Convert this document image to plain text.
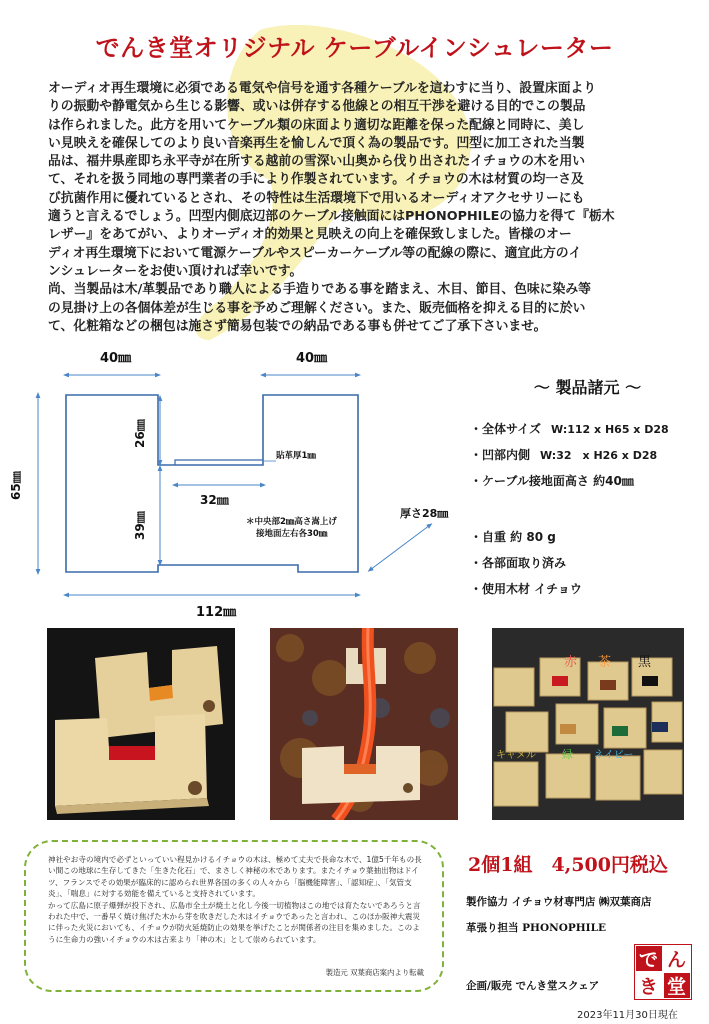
でんき堂オリジナル ケーブルインシュレーター

オーディオ再生環境に必須である電気や信号を通す各種ケーブルを這わすに当り、設置床面より

りの振動や静電気から生じる影響、或いは併存する他線との相互干渉を避ける目的でこの製品

は作られました。此方を用いてケーブル類の床面より適切な距離を保った配線と同時に、美し

い見映えを確保してのより良い音楽再生を愉しんで頂く為の製品です。凹型に加工された当製

品は、福井県産即ち永平寺が在所する越前の雪深い山奥から伐り出されたイチョウの木を用い

て、それを扱う同地の専門業者の手により作製されています。イチョウの木は材質の均一さ及

び抗菌作用に優れているとされ、その特性は生活環境下で用いるオーディオアクセサリーにも

適うと言えるでしょう。凹型内側底辺部のケーブル接触面にはPHONOPHILEの協力を得て『栃木

レザー』をあてがい、よりオーディオ的効果と見映えの向上を確保致しました。皆様のオー

ディオ再生環境下において電源ケーブルやスピーカーケーブル等の配線の際に、適宜此方のイ

ンシュレーターをお使い頂ければ幸いです。

尚、当製品は木/革製品であり職人による手造りである事を踏まえ、木目、節目、色味に染み等

の見掛け上の各個体差が生じる事を予めご理解ください。また、販売価格を抑える目的に於い

て、化粧箱などの梱包は施さず簡易包装での納品である事も併せてご了承下さいませ。

40㎜	40㎜
65㎜
26㎜
貼革厚1㎜
32㎜
39㎜	＊中央部2㎜高さ嵩上げ
接地面左右各30㎜
厚さ28㎜
112㎜
～ 製品諸元 ～
・全体サイズ W:112 x H65 x D28
・凹部内側 W:32　x H26 x D28
・ケーブル接地面高さ 約40㎜
・自重 約 80 g
・各部面取り済み
・使用木材 イチョウ
赤 茶 黒
キャメル 緑 ネイビー

神社やお寺の境内で必ずといっていい程見かけるイチョウの木は、極めて丈夫で長命な木で、1億5千年もの長い間この地球に生存してきた「生きた化石」で、まさしく神秘の木であります。またイチョウ葉抽出物はドイツ、フランスでその効果が臨床的に認められ世界各国の多くの人々から「脳機能障害」、「認知症」、「気管支炎」、「喘息」に対する効能を備えていると支持されています。

かって広島に原子爆弾が投下され、広島市全土が焼土と化し今後一切植物はこの地では育たないであろうと言われた中で、一番早く焼け焦げた木から芽を吹きだした木はイチョウであったと言われ、このほか阪神大震災に伴った火災においても、イチョウが防火延焼防止の効果を挙げたことが関係者の注目を集めました。このように生命力の強いイチョウの木は古来より「神の木」として崇められています。

製造元 双葉商店案内より転載
2個1組　4,500円税込
製作協力 イチョウ材専門店 ㈱双葉商店
革張り担当 PHONOPHILE
企画/販売 でんき堂スクェア
で ん
き 堂
2023年11月30日現在
